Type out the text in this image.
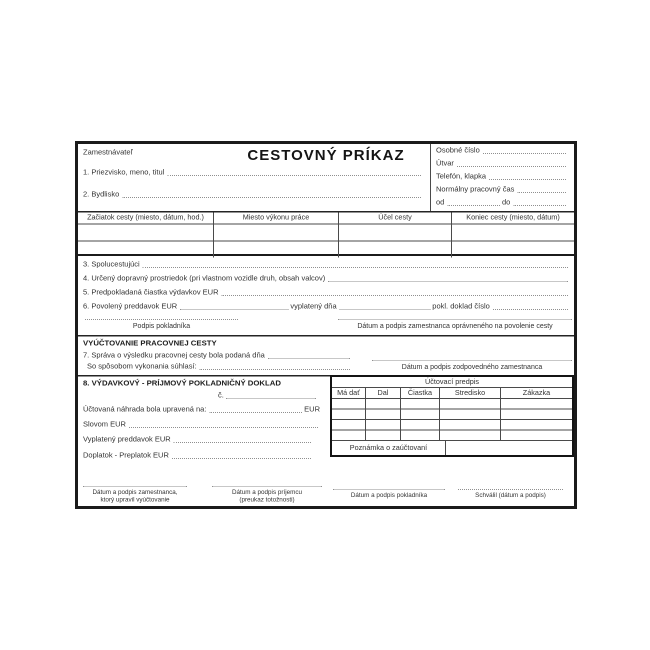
Zamestnávateľ	CESTOVNÝ PRÍKAZ
1. Priezvisko, meno, titul
2. Bydlisko
Osobné číslo
Útvar
Telefón, klapka
Normálny pracovný čas
od	do
Začiatok cesty (miesto, dátum, hod.)	Miesto výkonu práce	Účel cesty	Koniec cesty (miesto, dátum)
3. Spolucestujúci
4. Určený dopravný prostriedok (pri vlastnom vozidle druh, obsah valcov)
5. Predpokladaná čiastka výdavkov EUR
6. Povolený preddavok EUR	vyplatený dňa	pokl. doklad číslo
Podpis pokladníka	Dátum a podpis zamestnanca oprávneného na povolenie cesty
VYÚČTOVANIE PRACOVNEJ CESTY
7. Správa o výsledku pracovnej cesty bola podaná dňa
So spôsobom vykonania súhlasí:	Dátum a podpis zodpovedného zamestnanca
8. VÝDAVKOVÝ - PRÍJMOVÝ POKLADNIČNÝ DOKLAD
č.
Účtovaná náhrada bola upravená na:	EUR
Slovom EUR
Vyplatený preddavok EUR
Doplatok - Preplatok EUR
Účtovací predpis
Má dať	Dal	Čiastka	Stredisko	Zákazka
Poznámka o zaúčtovaní
Dátum a podpis zamestnanca,
ktorý upravil vyúčtovanie
Dátum a podpis príjemcu
(preukaz totožnosti)
Dátum a podpis pokladníka	Schválil (dátum a podpis)
